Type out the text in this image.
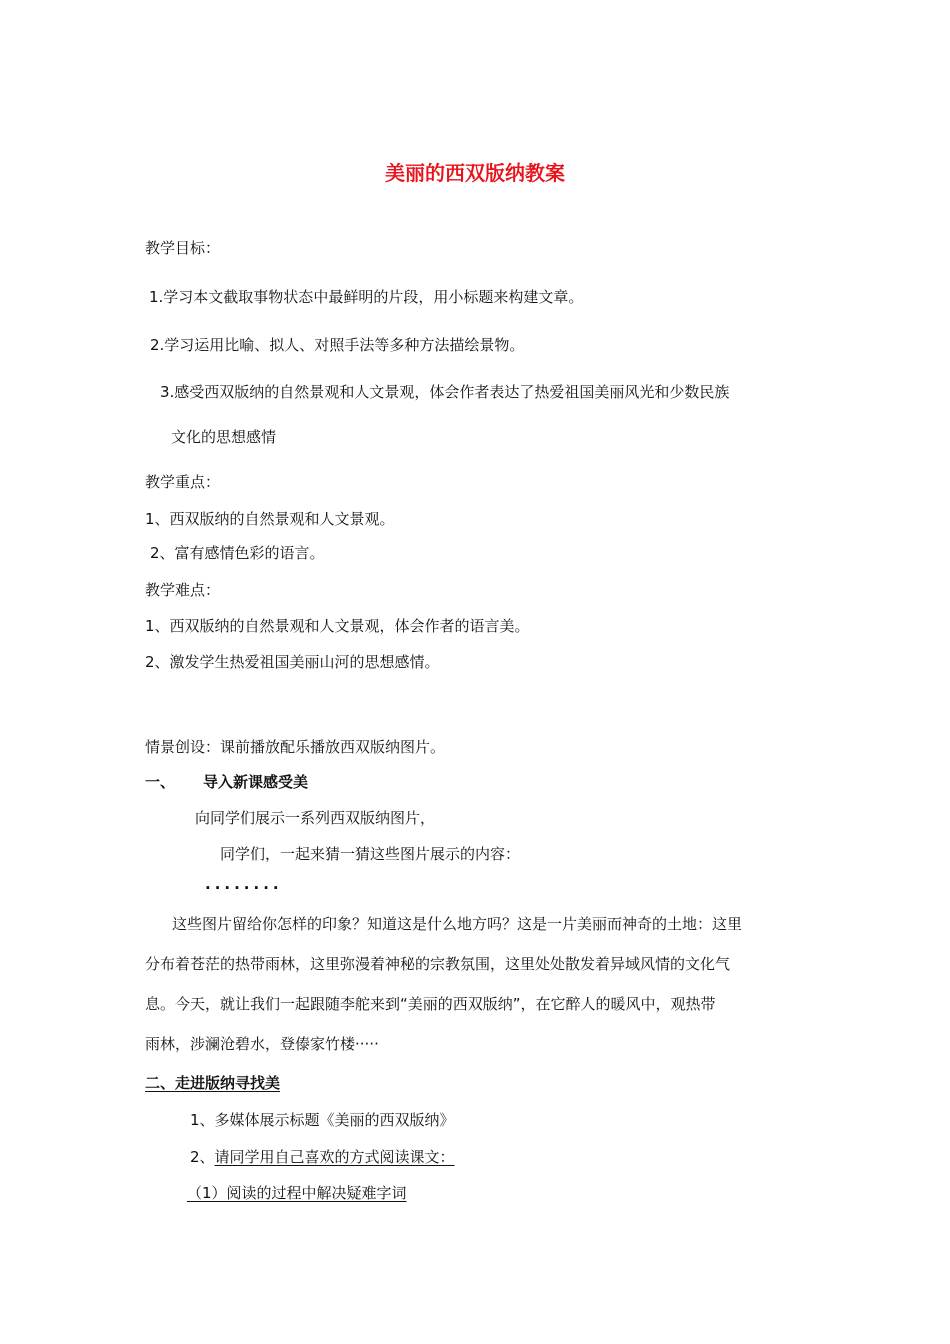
美丽的西双版纳教案
教学目标：
1.学习本文截取事物状态中最鲜明的片段，用小标题来构建文章。
2.学习运用比喻、拟人、对照手法等多种方法描绘景物。
3.感受西双版纳的自然景观和人文景观，体会作者表达了热爱祖国美丽风光和少数民族
文化的思想感情
教学重点：
1、西双版纳的自然景观和人文景观。
2、富有感情色彩的语言。
教学难点：
1、西双版纳的自然景观和人文景观，体会作者的语言美。
2、激发学生热爱祖国美丽山河的思想感情。
情景创设：课前播放配乐播放西双版纳图片。
一、 导入新课感受美
向同学们展示一系列西双版纳图片，
同学们，一起来猜一猜这些图片展示的内容：
········
这些图片留给你怎样的印象？知道这是什么地方吗？这是一片美丽而神奇的土地：这里
分布着苍茫的热带雨林，这里弥漫着神秘的宗教氛围，这里处处散发着异域风情的文化气
息。今天，就让我们一起跟随李舵来到“美丽的西双版纳”，在它醉人的暖风中，观热带
雨林，涉澜沧碧水，登傣家竹楼·····
二、走进版纳寻找美
1、多媒体展示标题《美丽的西双版纳》
2、请同学用自己喜欢的方式阅读课文：
（1）阅读的过程中解决疑难字词
